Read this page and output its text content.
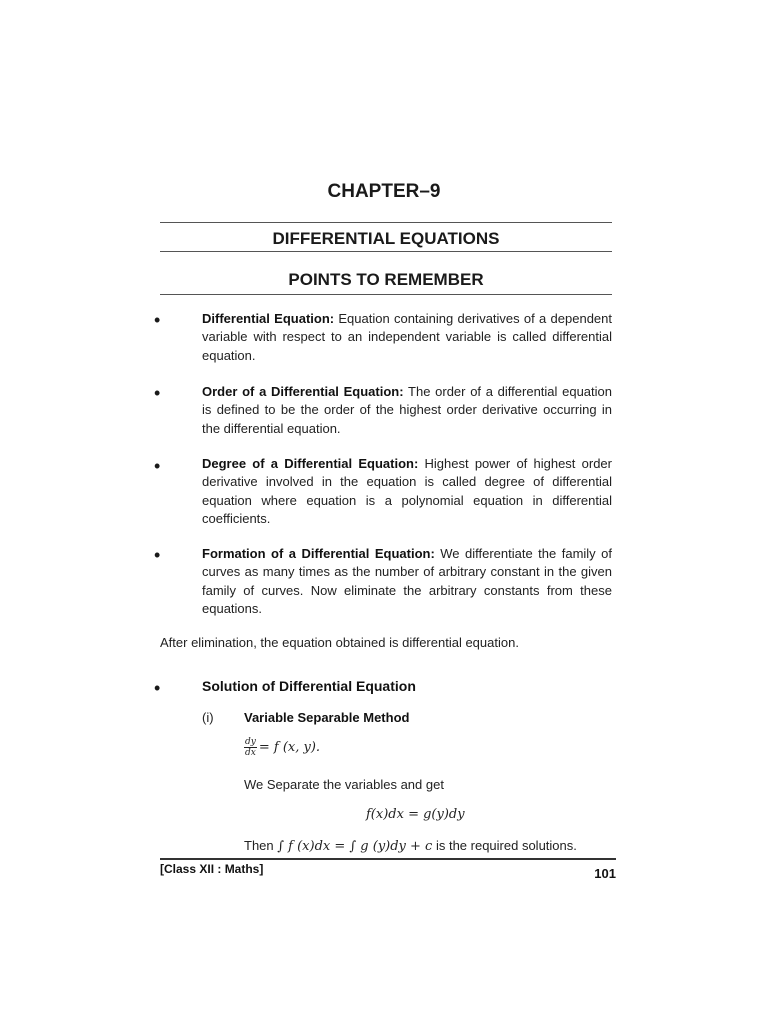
CHAPTER–9
DIFFERENTIAL EQUATIONS
POINTS TO REMEMBER
•	Differential Equation: Equation containing derivatives of a dependent variable with respect to an independent variable is called differential equation.
•	Order of a Differential Equation: The order of a differential equation is defined to be the order of the highest order derivative occurring in the differential equation.
•	Degree of a Differential Equation: Highest power of highest order derivative involved in the equation is called degree of differential equation where equation is a polynomial equation in differential coefficients.
•	Formation of a Differential Equation: We differentiate the family of curves as many times as the number of arbitrary constant in the given family of curves. Now eliminate the arbitrary constants from these equations.
After elimination, the equation obtained is differential equation.
•	Solution of Differential Equation
(i) Variable Separable Method
$\frac{dy}{dx} = f$ (x, y).
We Separate the variables and get
f(x)dx = g(y)dy
Then ∫ f (x)dx = ∫ g (y)dy + c is the required solutions.
[Class XII : Maths]	101
